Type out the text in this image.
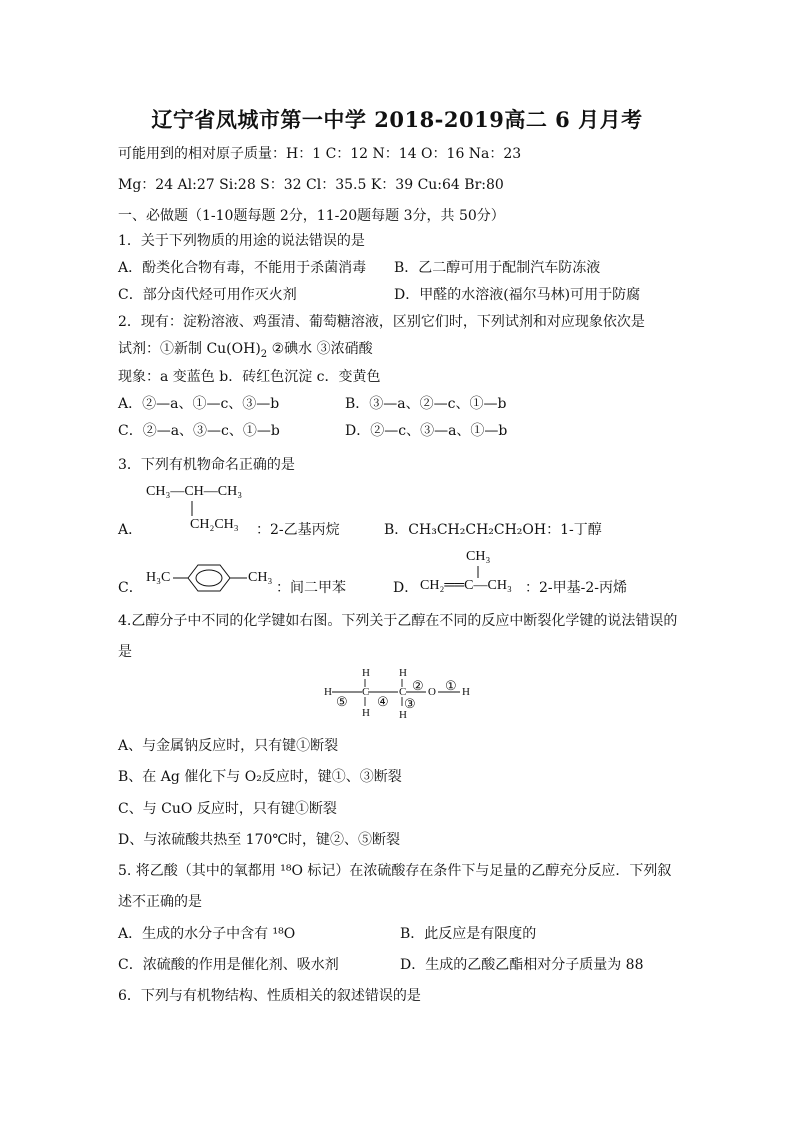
辽宁省凤城市第一中学 2018-2019高二 6 月月考
可能用到的相对原子质量：H：1 C：12 N：14 O：16 Na：23
Mg：24 Al:27 Si:28 S：32 Cl：35.5 K：39 Cu:64 Br:80
一、必做题（1-10题每题 2分，11-20题每题 3分，共 50分）
1．关于下列物质的用途的说法错误的是
A．酚类化合物有毒，不能用于杀菌消毒 B．乙二醇可用于配制汽车防冻液
C．部分卤代烃可用作灭火剂	D．甲醛的水溶液(福尔马林)可用于防腐
2．现有：淀粉溶液、鸡蛋清、葡萄糖溶液，区别它们时，下列试剂和对应现象依次是
试剂：①新制 $Cu(OH)_2$ ②碘水 ③浓硝酸
现象：a 变蓝色 b．砖红色沉淀 c．变黄色
A．②—a、①—c、③—b	B．③—a、②—c、①—b
C．②—a、③—c、①—b	D．②—c、③—a、①—b
3．下列有机物命名正确的是
CH₃—CH—CH₃
CH₂CH₃
A．	：2-乙基丙烷	B．CH₃CH₂CH₂CH₂OH：1-丁醇
C．
H₃C	CH₃
：间二甲苯	D．
CH₃
CH₂══C—CH₃ ：2-甲基-2-丙烯
4.乙醇分子中不同的化学键如右图。下列关于乙醇在不同的反应中断裂化学键的说法错误的
是
H	C	C O H
H
H
H
H
①
②
③
④
⑤
A、与金属钠反应时，只有键①断裂
B、在 Ag 催化下与 O₂反应时，键①、③断裂
C、与 CuO 反应时，只有键①断裂
D、与浓硫酸共热至 170℃时，键②、⑤断裂
5. 将乙酸（其中的氧都用 ¹⁸O 标记）在浓硫酸存在条件下与足量的乙醇充分反应．下列叙
述不正确的是
A．生成的水分子中含有 ¹⁸O	B．此反应是有限度的
C．浓硫酸的作用是催化剂、吸水剂	D．生成的乙酸乙酯相对分子质量为 88
6．下列与有机物结构、性质相关的叙述错误的是
